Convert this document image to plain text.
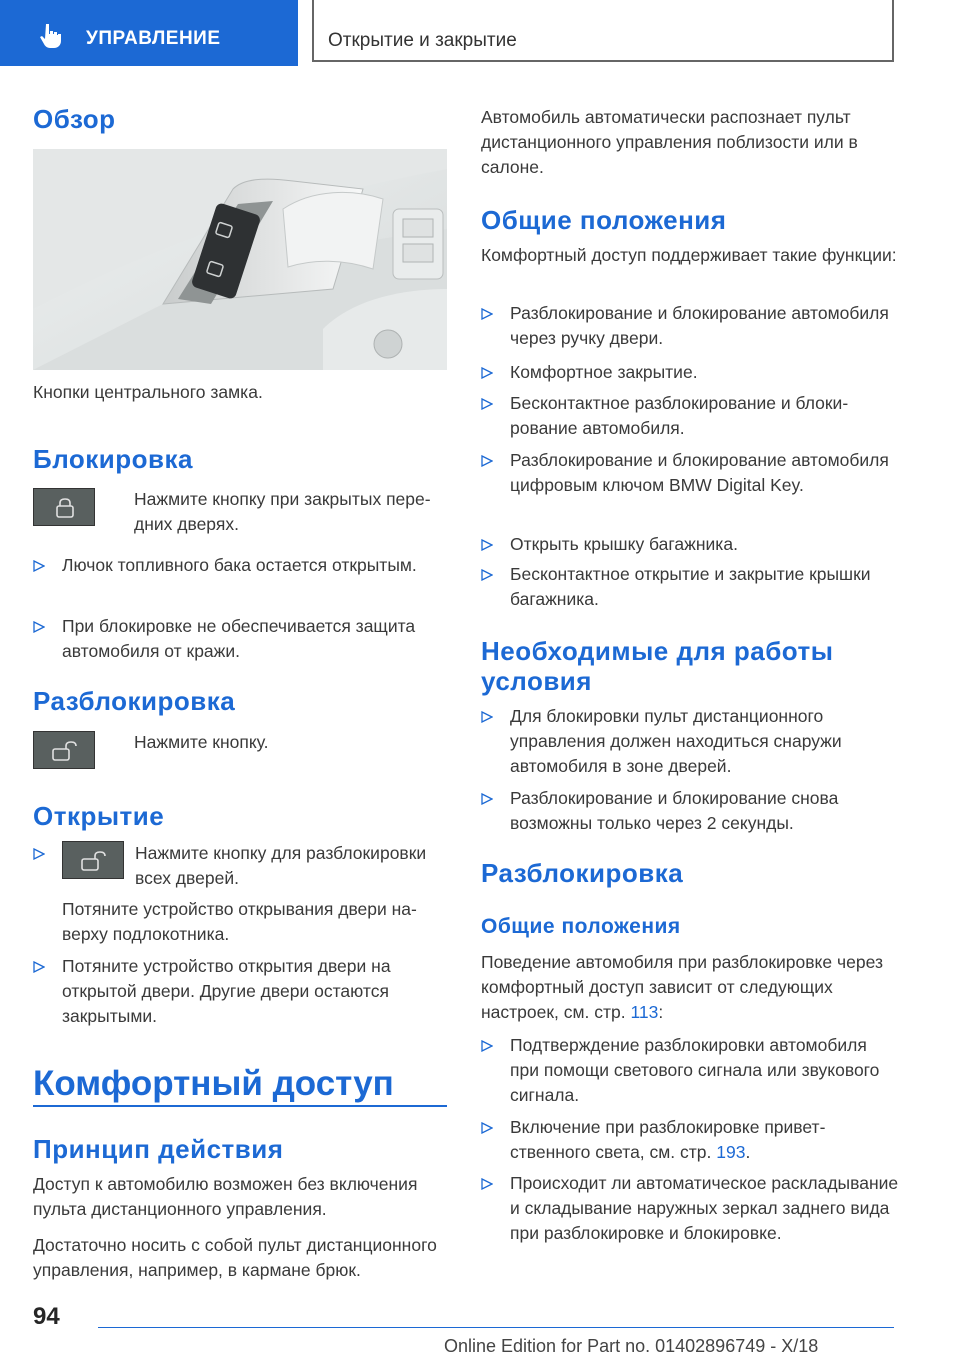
УПРАВЛЕНИЕ	Открытие и закрытие
Обзор

Кнопки центрального замка.

Блокировка

Нажмите кнопку при закрытых передних дверях.

Лючок топливного бака остается открытым.

При блокировке не обеспечивается защита автомобиля от кражи.

Разблокировка

Нажмите кнопку.

Открытие

Нажмите кнопку для разблокировки всех дверей.

Потяните устройство открывания двери наверху подлокотника.

Потяните устройство открытия двери на открытой двери. Другие двери остаются закрытыми.

Комфортный доступ
Принцип действия

Доступ к автомобилю возможен без включения пульта дистанционного управления.

Достаточно носить с собой пульт дистанционного управления, например, в кармане брюк.

Автомобиль автоматически распознает пульт дистанционного управления поблизости или в салоне.

Общие положения

Комфортный доступ поддерживает такие функции:

Разблокирование и блокирование автомобиля через ручку двери.

Комфортное закрытие.

Бесконтактное разблокирование и блокирование автомобиля.

Разблокирование и блокирование автомобиля цифровым ключом BMW Digital Key.

Открыть крышку багажника.

Бесконтактное открытие и закрытие крышки багажника.

Необходимые для работы условия

Для блокировки пульт дистанционного управления должен находиться снаружи автомобиля в зоне дверей.

Разблокирование и блокирование снова возможны только через 2 секунды.

Разблокировка
Общие положения

Поведение автомобиля при разблокировке через комфортный доступ зависит от следующих настроек, см. стр. 113:

Подтверждение разблокировки автомобиля при помощи светового сигнала или звукового сигнала.

Включение при разблокировке приветственного света, см. стр. 193.

Происходит ли автоматическое раскладывание и складывание наружных зеркал заднего вида при разблокировке и блокировке.

94
Online Edition for Part no. 01402896749 - X/18
